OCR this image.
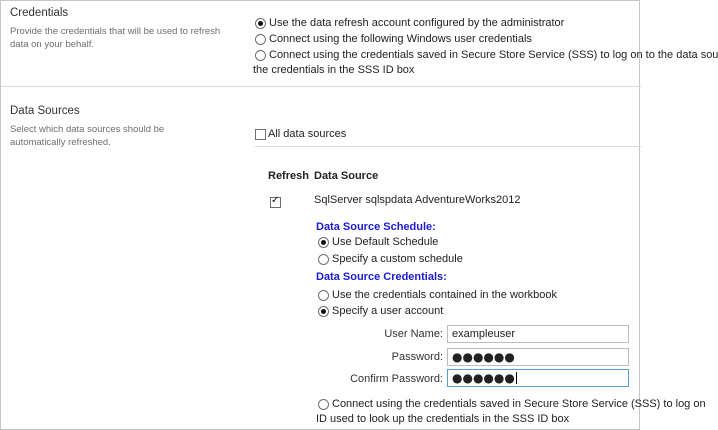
Credentials
Provide the credentials that will be used to refresh data on your behalf.
Use the data refresh account configured by the administrator
Connect using the following Windows user credentials
Connect using the credentials saved in Secure Store Service (SSS) to log on to the data sou
the credentials in the SSS ID box
Data Sources
Select which data sources should be automatically refreshed.
All data sources
Refresh Data Source
✓
SqlServer sqlspdata AdventureWorks2012
Data Source Schedule:
Use Default Schedule
Specify a custom schedule
Data Source Credentials:
Use the credentials contained in the workbook
Specify a user account
User Name: exampleuser
Password: ●●●●●●
Confirm Password: ●●●●●●
Connect using the credentials saved in Secure Store Service (SSS) to log on
ID used to look up the credentials in the SSS ID box
